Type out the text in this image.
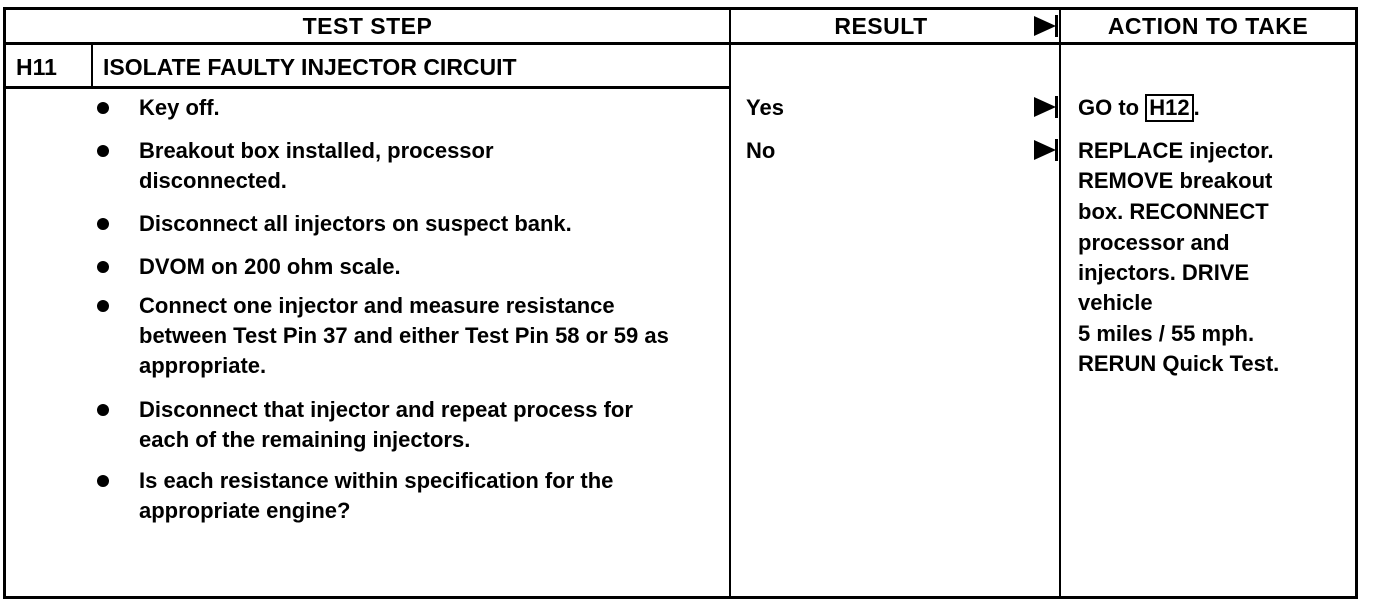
TEST STEP	RESULT	ACTION TO TAKE
H11 ISOLATE FAULTY INJECTOR CIRCUIT
Key off.
Breakout box installed, processor disconnected.
Disconnect all injectors on suspect bank.
DVOM on 200 ohm scale.
Connect one injector and measure resistance between Test Pin 37 and either Test Pin 58 or 59 as appropriate.
Disconnect that injector and repeat process for each of the remaining injectors.
Is each resistance within specification for the appropriate engine?
Yes
No
GO to H12 .
REPLACE injector.
REMOVE breakout
box. RECONNECT
processor and
injectors. DRIVE
vehicle
5 miles / 55 mph.
RERUN Quick Test.
